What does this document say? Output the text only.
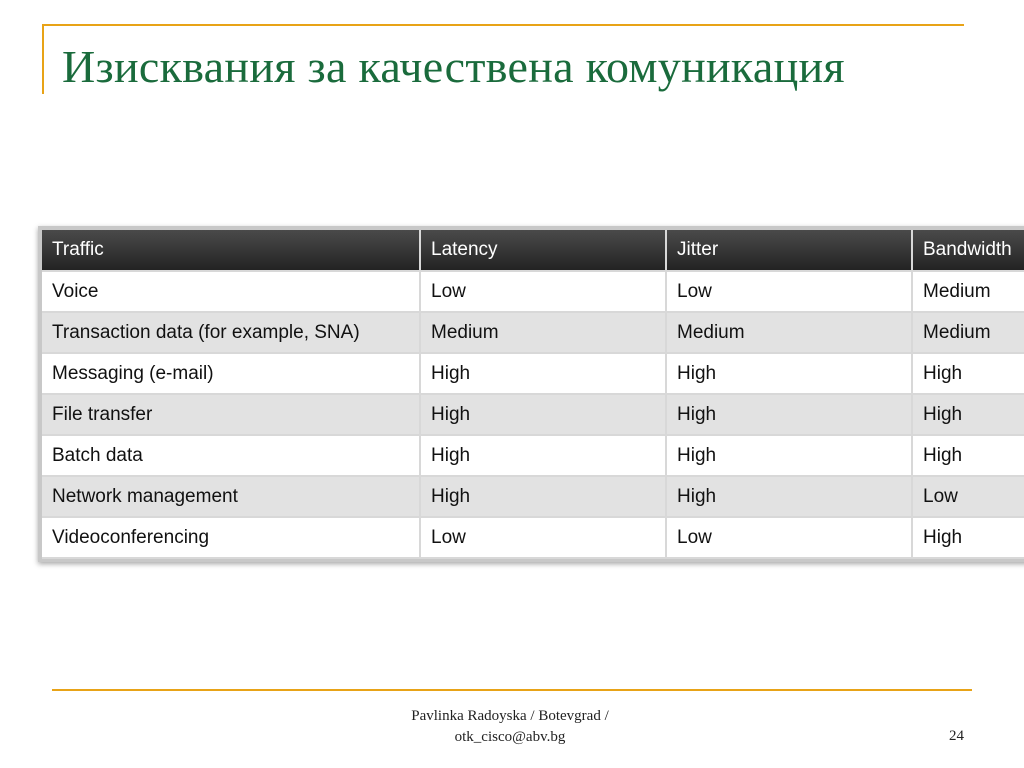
Изисквания за качествена комуникация
Traffic	Latency	Jitter	Bandwidth
Voice	Low	Low	Medium
Transaction data (for example, SNA)	Medium	Medium	Medium
Messaging (e-mail)	High	High	High
File transfer	High	High	High
Batch data	High	High	High
Network management	High	High	Low
Videoconferencing	Low	Low	High
Pavlinka Radoyska / Botevgrad /
otk_cisco@abv.bg	24
